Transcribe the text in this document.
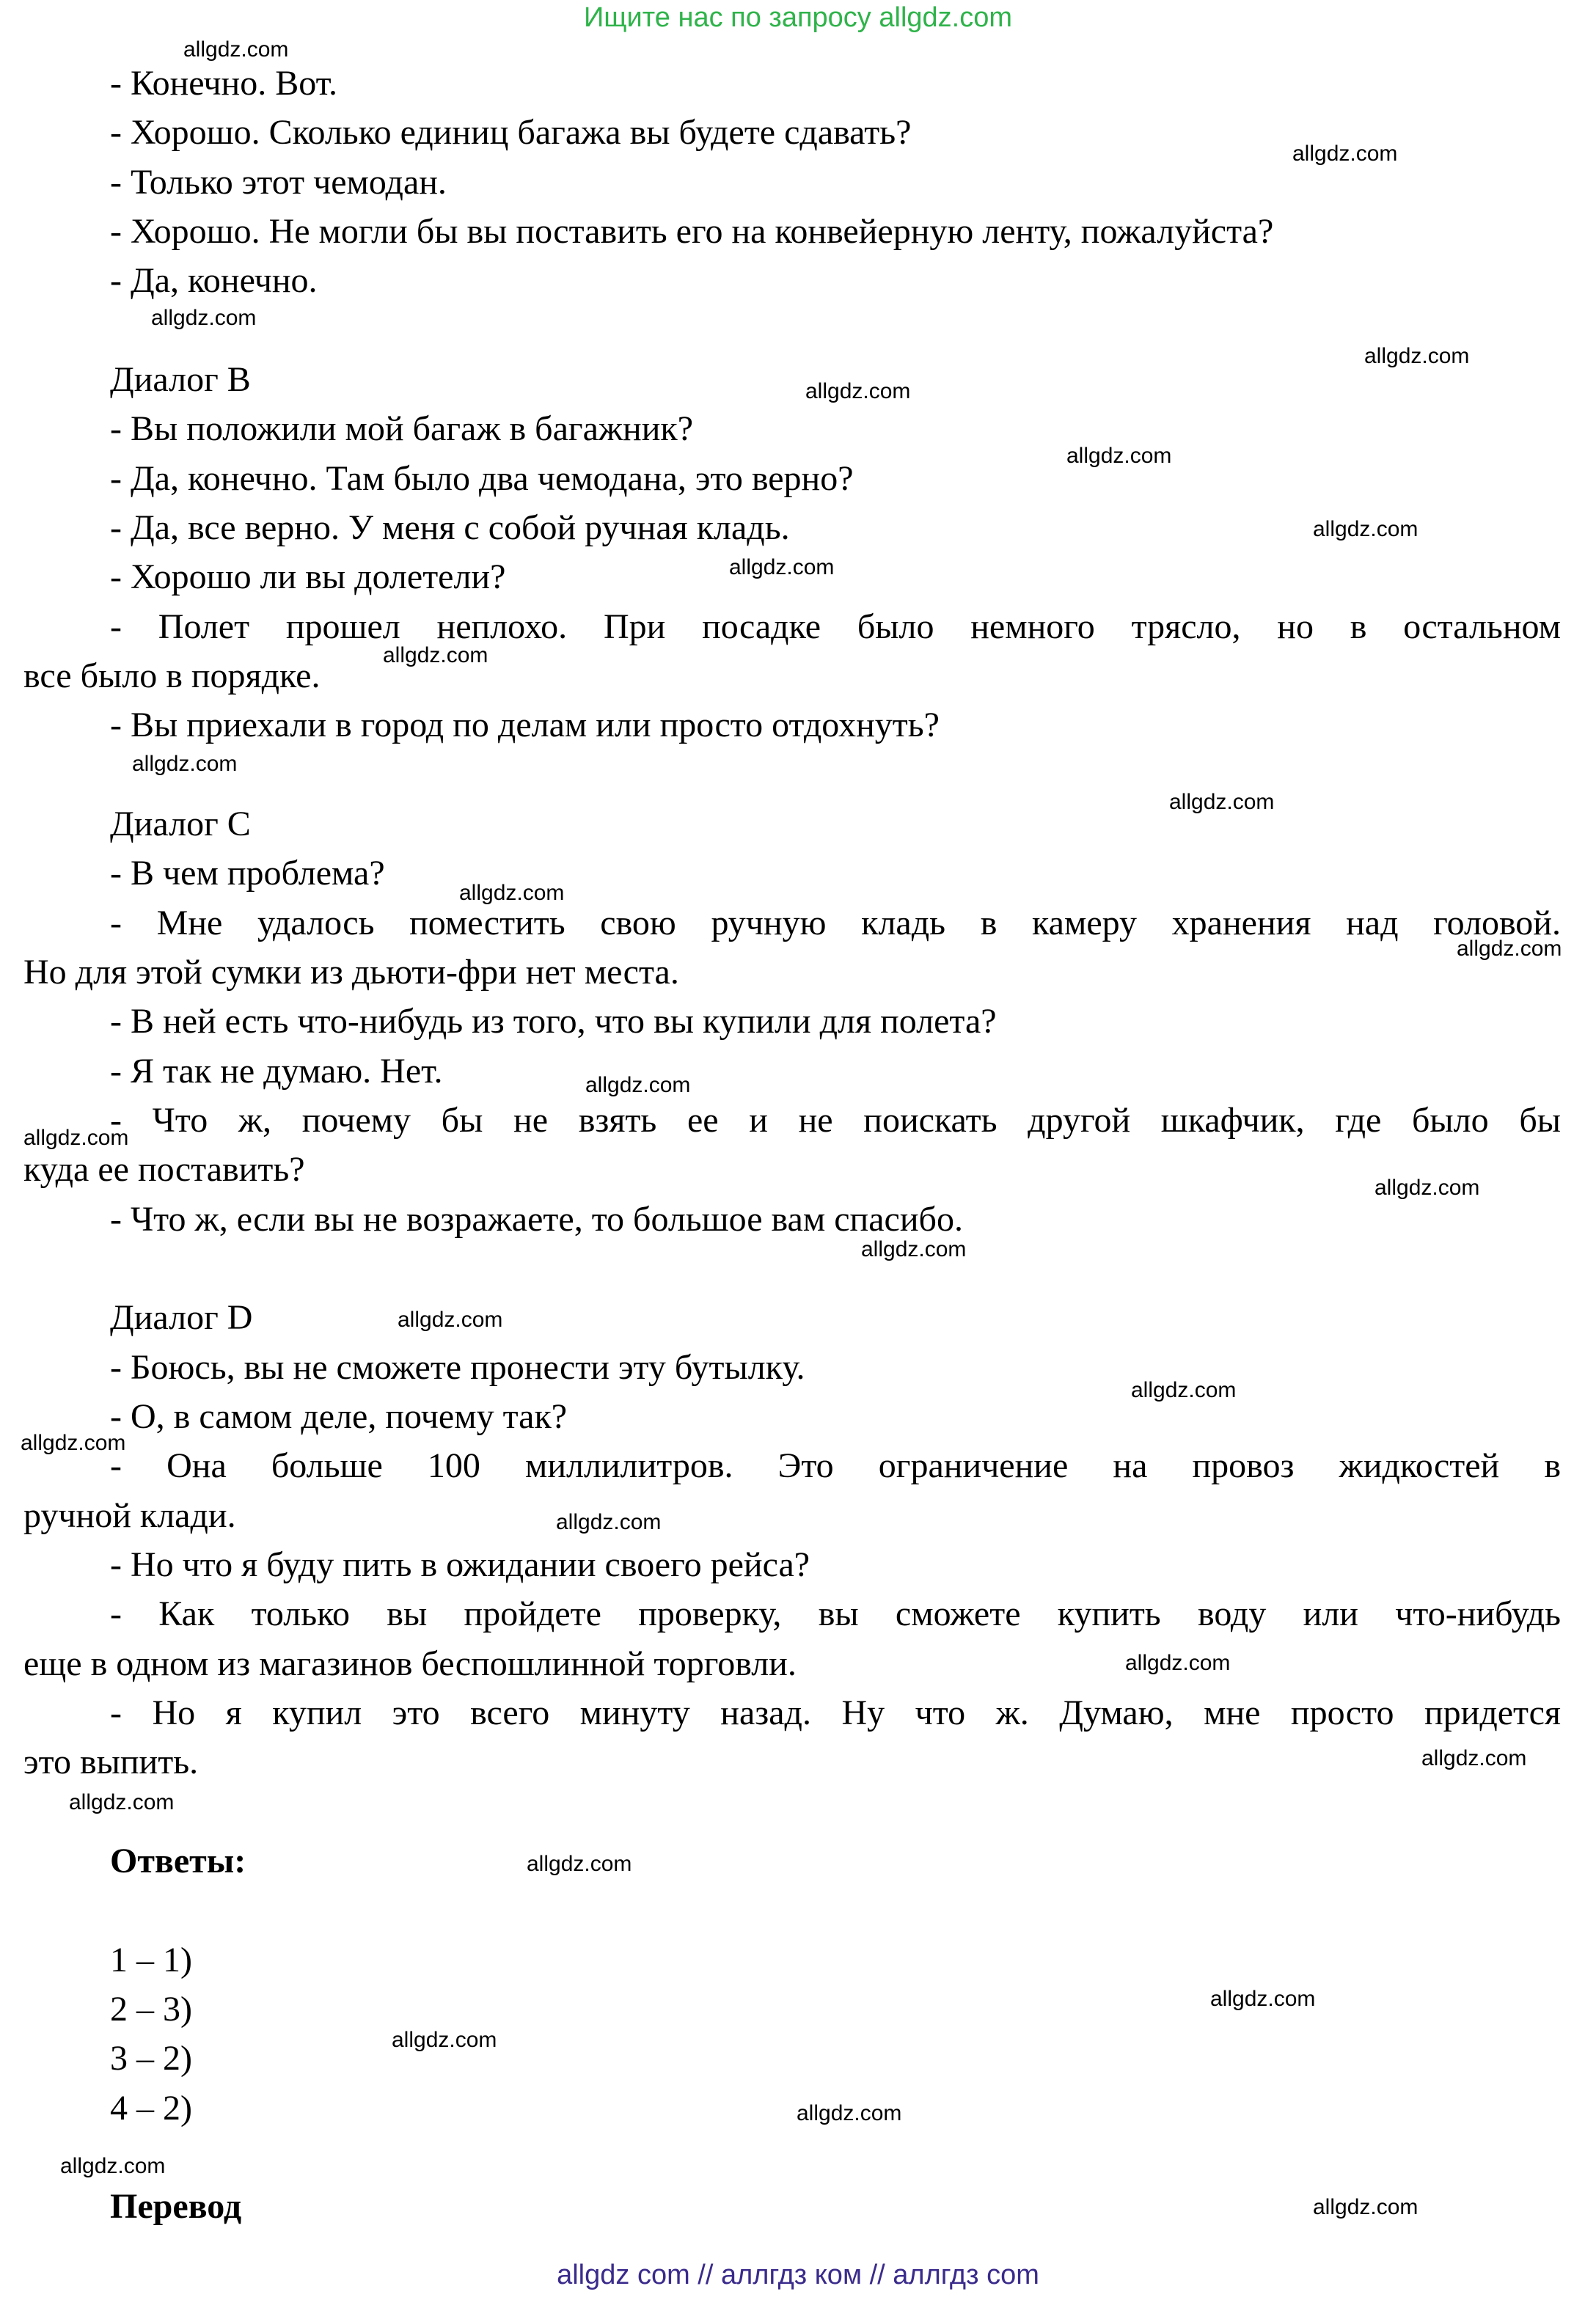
Ищите нас по запросу allgdz.com
- Конечно. Вот.
- Хорошо. Сколько единиц багажа вы будете сдавать?
- Только этот чемодан.
- Хорошо. Не могли бы вы поставить его на конвейерную ленту, пожалуйста?
- Да, конечно.
Диалог B
- Вы положили мой багаж в багажник?
- Да, конечно. Там было два чемодана, это верно?
- Да, все верно. У меня с собой ручная кладь.
- Хорошо ли вы долетели?
- Полет прошел неплохо. При посадке было немного трясло, но в остальном
все было в порядке.
- Вы приехали в город по делам или просто отдохнуть?
Диалог C
- В чем проблема?
- Мне удалось поместить свою ручную кладь в камеру хранения над головой.
Но для этой сумки из дьюти-фри нет места.
- В ней есть что-нибудь из того, что вы купили для полета?
- Я так не думаю. Нет.
- Что ж, почему бы не взять ее и не поискать другой шкафчик, где было бы
куда ее поставить?
- Что ж, если вы не возражаете, то большое вам спасибо.
Диалог D
- Боюсь, вы не сможете пронести эту бутылку.
- О, в самом деле, почему так?
- Она больше 100 миллилитров. Это ограничение на провоз жидкостей в
ручной клади.
- Но что я буду пить в ожидании своего рейса?
- Как только вы пройдете проверку, вы сможете купить воду или что-нибудь
еще в одном из магазинов беспошлинной торговли.
- Но я купил это всего минуту назад. Ну что ж. Думаю, мне просто придется
это выпить.
Ответы:
1 – 1)
2 – 3)
3 – 2)
4 – 2)
Перевод
allgdz.com
allgdz.com
allgdz.com
allgdz.com
allgdz.com
allgdz.com
allgdz.com
allgdz.com
allgdz.com
allgdz.com
allgdz.com
allgdz.com
allgdz.com
allgdz.com
allgdz.com
allgdz.com
allgdz.com
allgdz.com
allgdz.com
allgdz.com
allgdz.com
allgdz.com
allgdz.com
allgdz.com
allgdz.com
allgdz.com
allgdz.com
allgdz.com
allgdz.com
allgdz.com
allgdz com // аллгдз ком // аллгдз com
